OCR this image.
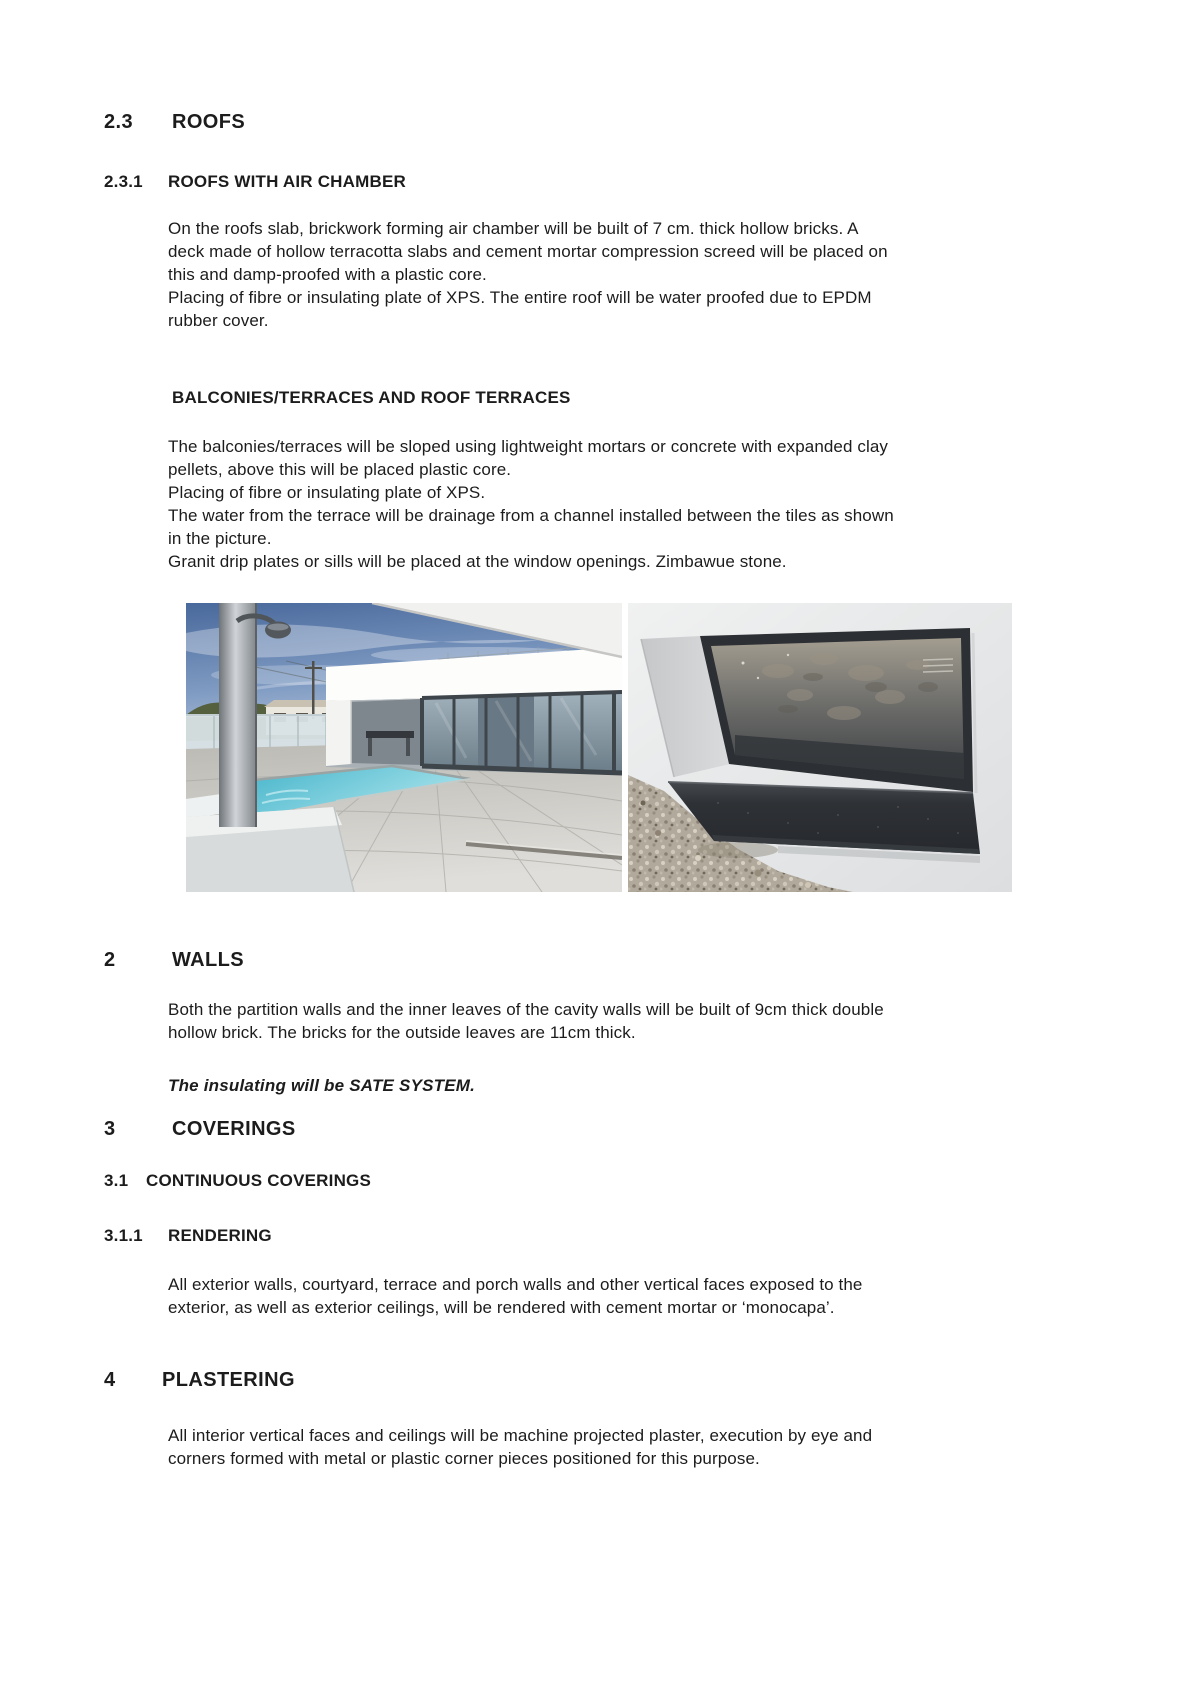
2.3 ROOFS
2.3.1 ROOFS WITH AIR CHAMBER
On the roofs slab, brickwork forming air chamber will be built of 7 cm. thick hollow bricks. A
deck made of hollow terracotta slabs and cement mortar compression screed will be placed on
this and damp-proofed with a plastic core.
Placing of fibre or insulating plate of XPS. The entire roof will be water proofed due to EPDM
rubber cover.
BALCONIES/TERRACES AND ROOF TERRACES
The balconies/terraces will be sloped using lightweight mortars or concrete with expanded clay
pellets, above this will be placed plastic core.
Placing of fibre or insulating plate of XPS.
The water from the terrace will be drainage from a channel installed between the tiles as shown
in the picture.
Granit drip plates or sills will be placed at the window openings. Zimbawue stone.
2	WALLS
Both the partition walls and the inner leaves of the cavity walls will be built of 9cm thick double
hollow brick. The bricks for the outside leaves are 11cm thick.
The insulating will be SATE SYSTEM.
3	COVERINGS
3.1 CONTINUOUS COVERINGS
3.1.1 RENDERING
All exterior walls, courtyard, terrace and porch walls and other vertical faces exposed to the
exterior, as well as exterior ceilings, will be rendered with cement mortar or ‘monocapa’.
4 PLASTERING
All interior vertical faces and ceilings will be machine projected plaster, execution by eye and
corners formed with metal or plastic corner pieces positioned for this purpose.
